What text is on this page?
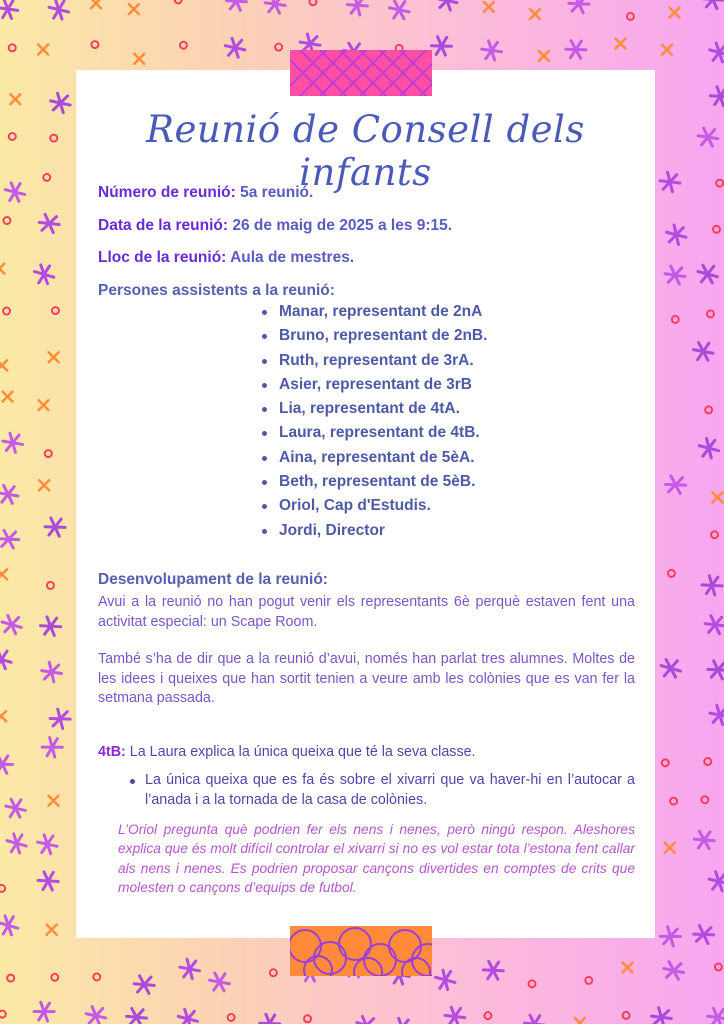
Reunió de Consell dels infants
Número de reunió: 5a reunió.
Data de la reunió: 26 de maig de 2025 a les 9:15.
Lloc de la reunió: Aula de mestres.
Persones assistents a la reunió:
Manar, representant de 2nA
Bruno, representant de 2nB.
Ruth, representant de 3rA.
Asier, representant de 3rB
Lia, representant de 4tA.
Laura, representant de 4tB.
Aina, representant de 5èA.
Beth, representant de 5èB.
Oriol, Cap d'Estudis.
Jordi, Director
Desenvolupament de la reunió:
Avui a la reunió no han pogut venir els representants 6è perquè estaven fent una activitat especial: un Scape Room.
També s’ha de dir que a la reunió d’avui, només han parlat tres alumnes. Moltes de les idees i queixes que han sortit tenien a veure amb les colònies que es van fer la setmana passada.
4tB: La Laura explica la única queixa que té la seva classe.
La única queixa que es fa és sobre el xivarri que va haver-hi en l’autocar a l’anada i a la tornada de la casa de colònies.
L’Oriol pregunta què podrien fer els nens i nenes, però ningú respon. Aleshores explica que és molt difícil controlar el xivarri si no es vol estar tota l’estona fent callar als nens i nenes. Es podrien proposar cançons divertides en comptes de crits que molesten o cançons d’equips de futbol.
